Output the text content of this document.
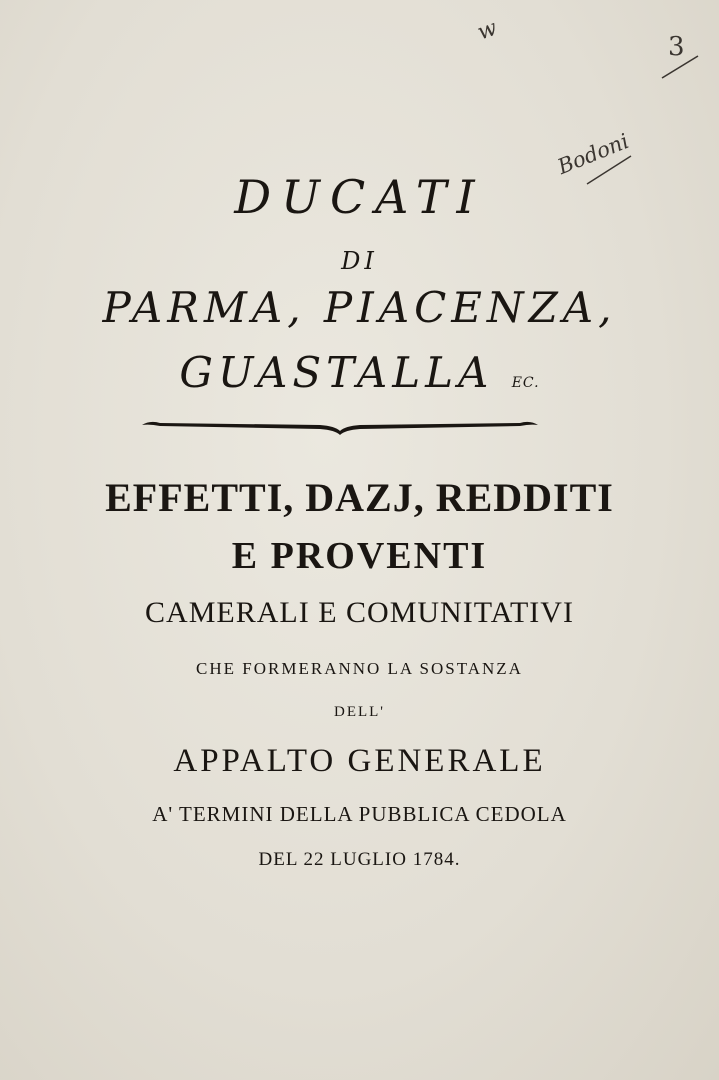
w
3
Bodoni
DUCATI
DI
PARMA, PIACENZA,
GUASTALLA EC.
EFFETTI, DAZJ, REDDITI
E PROVENTI
CAMERALI E COMUNITATIVI
CHE FORMERANNO LA SOSTANZA
DELL'
APPALTO GENERALE
A' TERMINI DELLA PUBBLICA CEDOLA
DEL 22 LUGLIO 1784.
